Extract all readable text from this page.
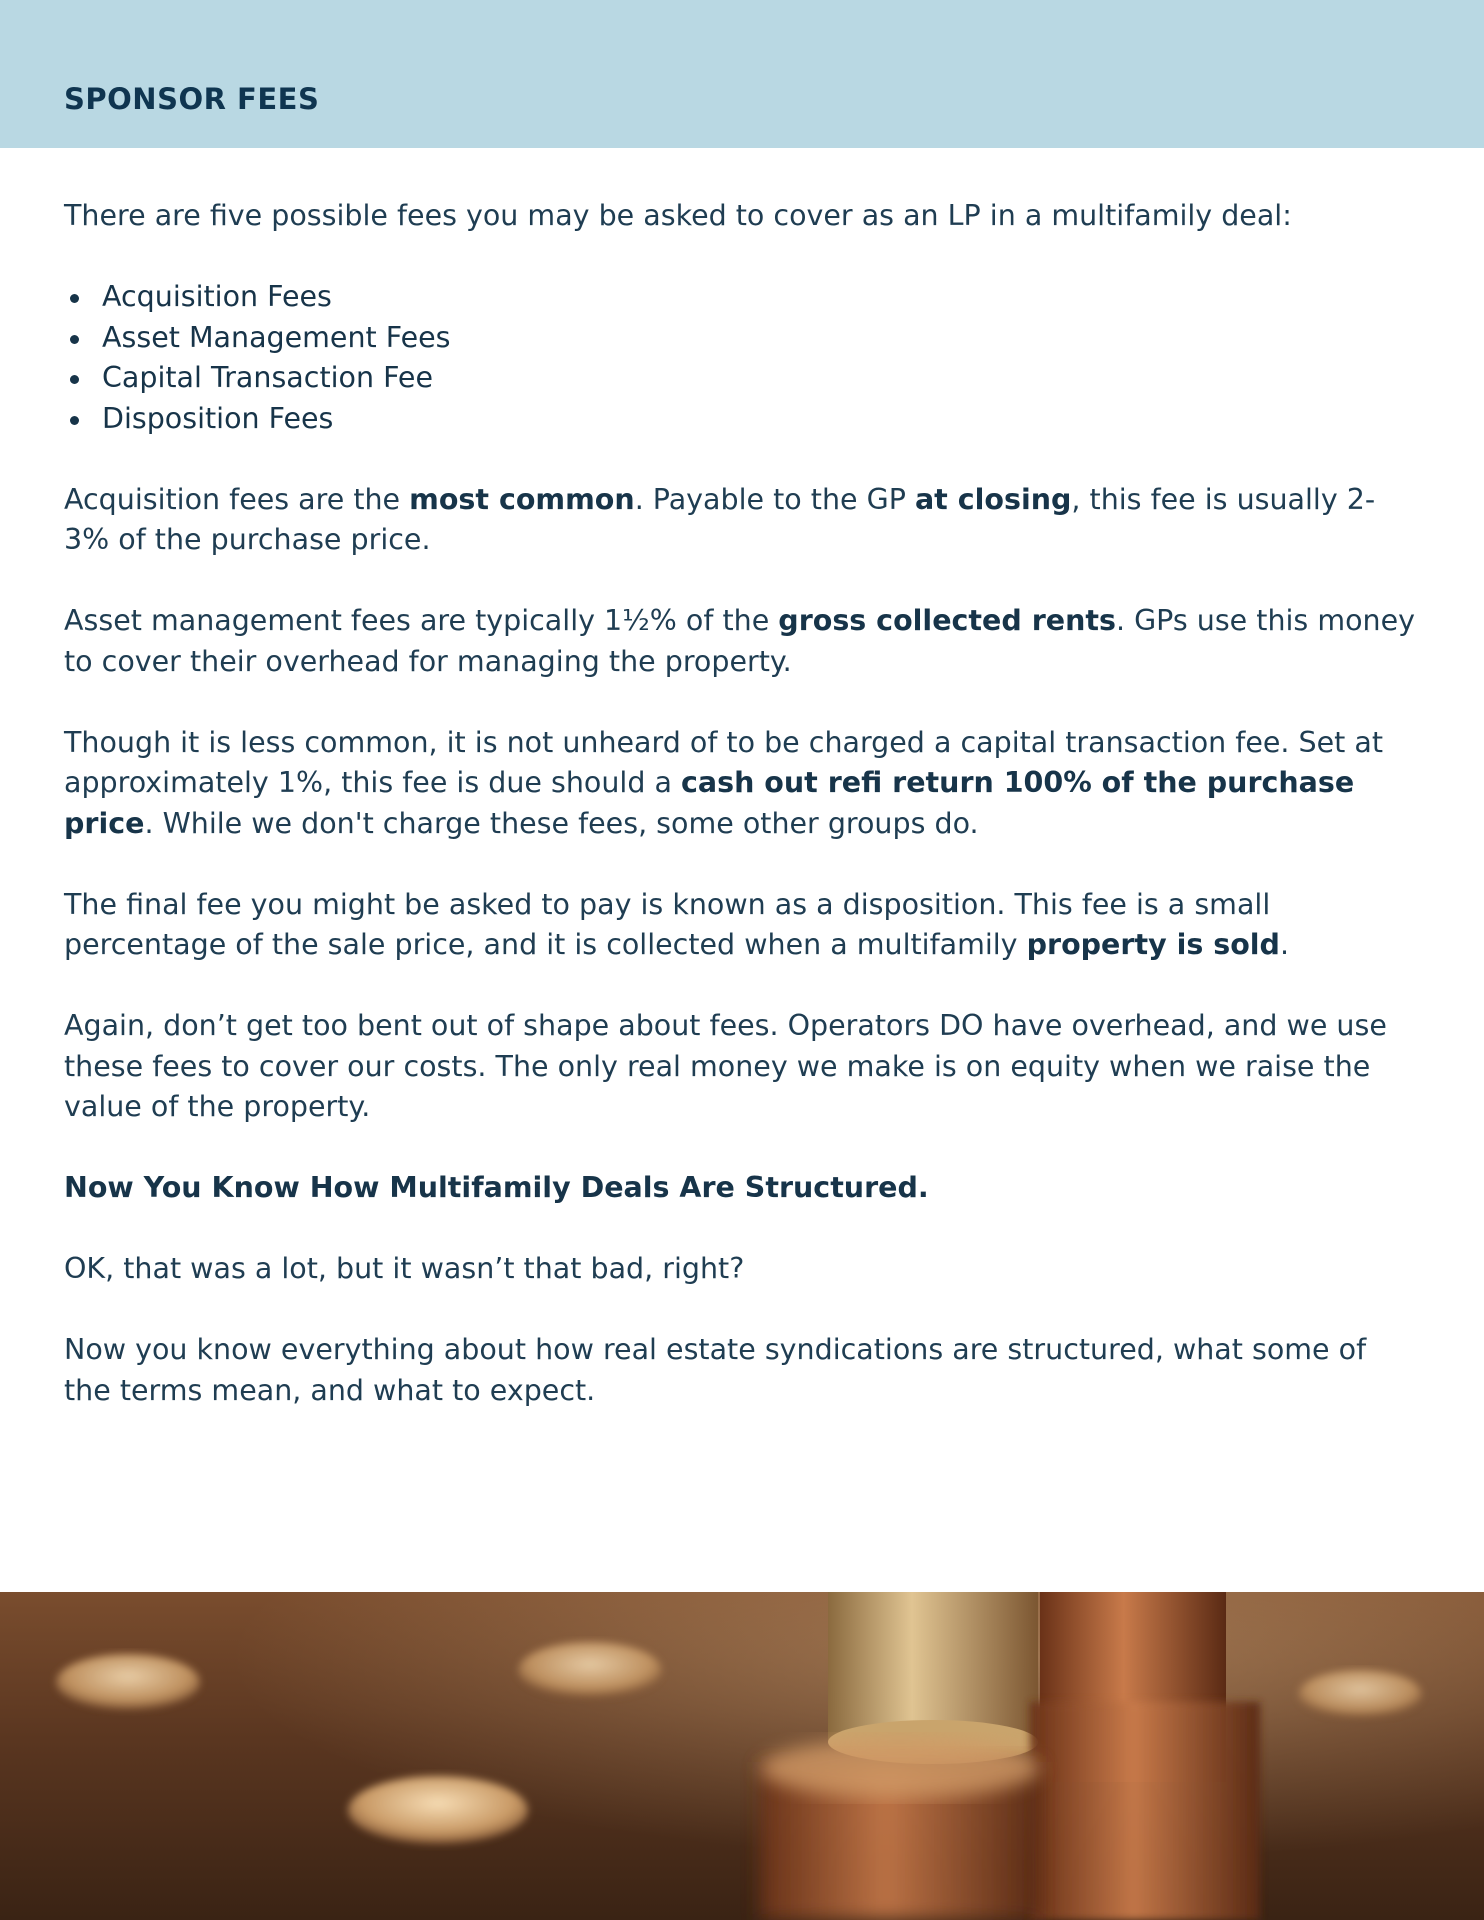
SPONSOR FEES

There are five possible fees you may be asked to cover as an LP in a multifamily deal:

Acquisition Fees
Asset Management Fees
Capital Transaction Fee
Disposition Fees

Acquisition fees are the most common. Payable to the GP at closing, this fee is usually 2-3% of the purchase price.

Asset management fees are typically 1½% of the gross collected rents. GPs use this money to cover their overhead for managing the property.

Though it is less common, it is not unheard of to be charged a capital transaction fee. Set at approximately 1%, this fee is due should a cash out refi return 100% of the purchase price. While we don't charge these fees, some other groups do.

The final fee you might be asked to pay is known as a disposition. This fee is a small percentage of the sale price, and it is collected when a multifamily property is sold.

Again, don’t get too bent out of shape about fees. Operators DO have overhead, and we use these fees to cover our costs. The only real money we make is on equity when we raise the value of the property.

Now You Know How Multifamily Deals Are Structured.

OK, that was a lot, but it wasn’t that bad, right?

Now you know everything about how real estate syndications are structured, what some of the terms mean, and what to expect.
